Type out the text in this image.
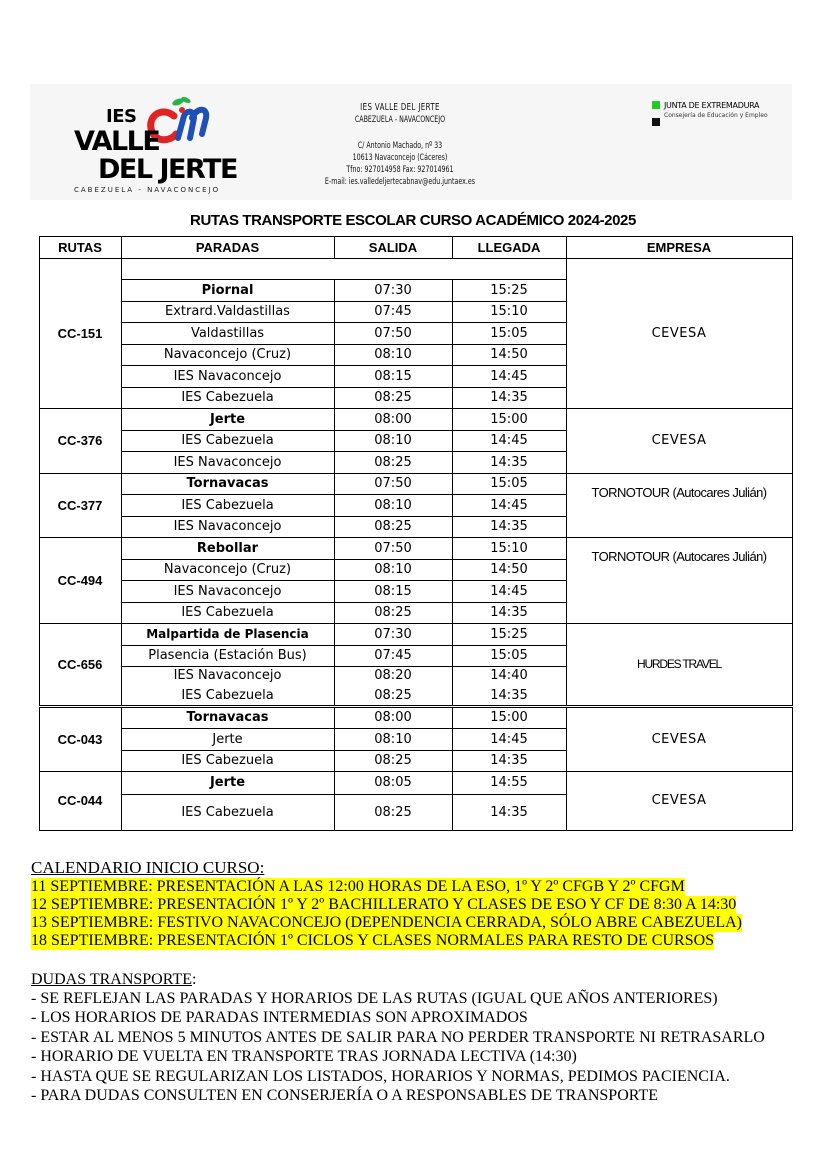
IES
VALLE
DEL JERTE
CABEZUELA - NAVACONCEJO
IES VALLE DEL JERTE
CABEZUELA - NAVACONCEJO
C/ Antonio Machado, nº 33
10613 Navaconcejo (Cáceres)
Tfno: 927014958 Fax: 927014961
E-mail: ies.valledeljertecabnav@edu.juntaex.es
JUNTA DE EXTREMADURA
Consejería de Educación y Empleo
RUTAS TRANSPORTE ESCOLAR CURSO ACADÉMICO 2024-2025
RUTAS	PARADAS	SALIDA	LLEGADA	EMPRESA
CC-151	CEVESA
Piornal	07:30	15:25
Extrard.Valdastillas	07:45	15:10
Valdastillas	07:50	15:05
Navaconcejo (Cruz)	08:10	14:50
IES Navaconcejo	08:15	14:45
IES Cabezuela	08:25	14:35
CC-376	CEVESA
Jerte	08:00	15:00
IES Cabezuela	08:10	14:45
IES Navaconcejo	08:25	14:35
CC-377
TORNOTOUR (Autocares Julián)
Tornavacas	07:50	15:05
IES Cabezuela	08:10	14:45
IES Navaconcejo	08:25	14:35
CC-494
TORNOTOUR (Autocares Julián)
Rebollar	07:50	15:10
Navaconcejo (Cruz)	08:10	14:50
IES Navaconcejo	08:15	14:45
IES Cabezuela	08:25	14:35
CC-656	HURDES TRAVEL
Malpartida de Plasencia	07:30	15:25
Plasencia (Estación Bus)	07:45	15:05
IES Navaconcejo	08:20	14:40
IES Cabezuela	08:25	14:35
CC-043	CEVESA
Tornavacas	08:00	15:00
Jerte	08:10	14:45
IES Cabezuela	08:25	14:35
CC-044	CEVESA
Jerte	08:05	14:55
IES Cabezuela	08:25	14:35
CALENDARIO INICIO CURSO:
11 SEPTIEMBRE: PRESENTACIÓN A LAS 12:00 HORAS DE LA ESO, 1º Y 2º CFGB Y 2º CFGM
12 SEPTIEMBRE: PRESENTACIÓN 1º Y 2º BACHILLERATO Y CLASES DE ESO Y CF DE 8:30 A 14:30
13 SEPTIEMBRE: FESTIVO NAVACONCEJO (DEPENDENCIA CERRADA, SÓLO ABRE CABEZUELA)
18 SEPTIEMBRE: PRESENTACIÓN 1º CICLOS Y CLASES NORMALES PARA RESTO DE CURSOS
DUDAS TRANSPORTE:
- SE REFLEJAN LAS PARADAS Y HORARIOS DE LAS RUTAS (IGUAL QUE AÑOS ANTERIORES)
- LOS HORARIOS DE PARADAS INTERMEDIAS SON APROXIMADOS
- ESTAR AL MENOS 5 MINUTOS ANTES DE SALIR PARA NO PERDER TRANSPORTE NI RETRASARLO
- HORARIO DE VUELTA EN TRANSPORTE TRAS JORNADA LECTIVA (14:30)
- HASTA QUE SE REGULARIZAN LOS LISTADOS, HORARIOS Y NORMAS, PEDIMOS PACIENCIA.
- PARA DUDAS CONSULTEN EN CONSERJERÍA O A RESPONSABLES DE TRANSPORTE
